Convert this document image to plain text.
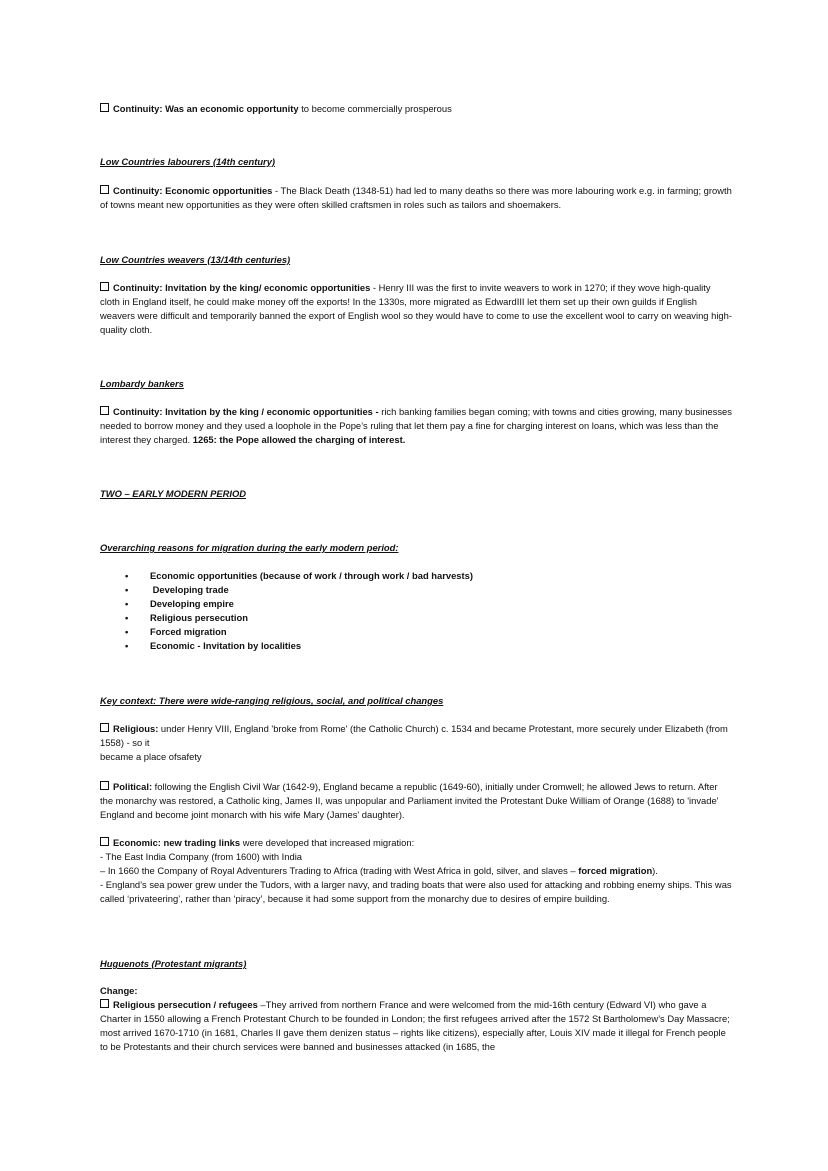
Continuity: Was an economic opportunity to become commercially prosperous

Low Countries labourers (14th century)

Continuity: Economic opportunities - The Black Death (1348-51) had led to many deaths so there was more labouring work e.g. in farming; growth of towns meant new opportunities as they were often skilled craftsmen in roles such as tailors and shoemakers.

Low Countries weavers (13/14th centuries)

Continuity: Invitation by the king/ economic opportunities - Henry III was the first to invite weavers to work in 1270; if they wove high-quality cloth in England itself, he could make money off the exports! In the 1330s, more migrated as EdwardIII let them set up their own guilds if English weavers were difficult and temporarily banned the export of English wool so they would have to come to use the excellent wool to carry on weaving high-quality cloth.

Lombardy bankers

Continuity: Invitation by the king / economic opportunities - rich banking families began coming; with towns and cities growing, many businesses needed to borrow money and they used a loophole in the Pope’s ruling that let them pay a fine for charging interest on loans, which was less than the interest they charged. 1265: the Pope allowed the charging of interest.

TWO – EARLY MODERN PERIOD

Overarching reasons for migration during the early modern period:

• Economic opportunities (because of work / through work / bad harvests)
• Developing trade
• Developing empire
• Religious persecution
• Forced migration
• Economic - Invitation by localities

Key context: There were wide-ranging religious, social, and political changes

Religious: under Henry VIII, England 'broke from Rome' (the Catholic Church) c. 1534 and became Protestant, more securely under Elizabeth (from 1558) - so it
became a place ofsafety

Political: following the English Civil War (1642-9), England became a republic (1649-60), initially under Cromwell; he allowed Jews to return. After the monarchy was restored, a Catholic king, James II, was unpopular and Parliament invited the Protestant Duke William of Orange (1688) to 'invade' England and become joint monarch with his wife Mary (James' daughter).

Economic: new trading links were developed that increased migration:
- The East India Company (from 1600) with India
– In 1660 the Company of Royal Adventurers Trading to Africa (trading with West Africa in gold, silver, and slaves – forced migration).
- England’s sea power grew under the Tudors, with a larger navy, and trading boats that were also used for attacking and robbing enemy ships. This was called ‘privateering’, rather than ‘piracy’, because it had some support from the monarchy due to desires of empire building.

Huguenots (Protestant migrants)

Change:

Religious persecution / refugees –They arrived from northern France and were welcomed from the mid-16th century (Edward VI) who gave a Charter in 1550 allowing a French Protestant Church to be founded in London; the first refugees arrived after the 1572 St Bartholomew’s Day Massacre; most arrived 1670-1710 (in 1681, Charles II gave them denizen status – rights like citizens), especially after, Louis XIV made it illegal for French people to be Protestants and their church services were banned and businesses attacked (in 1685, the
